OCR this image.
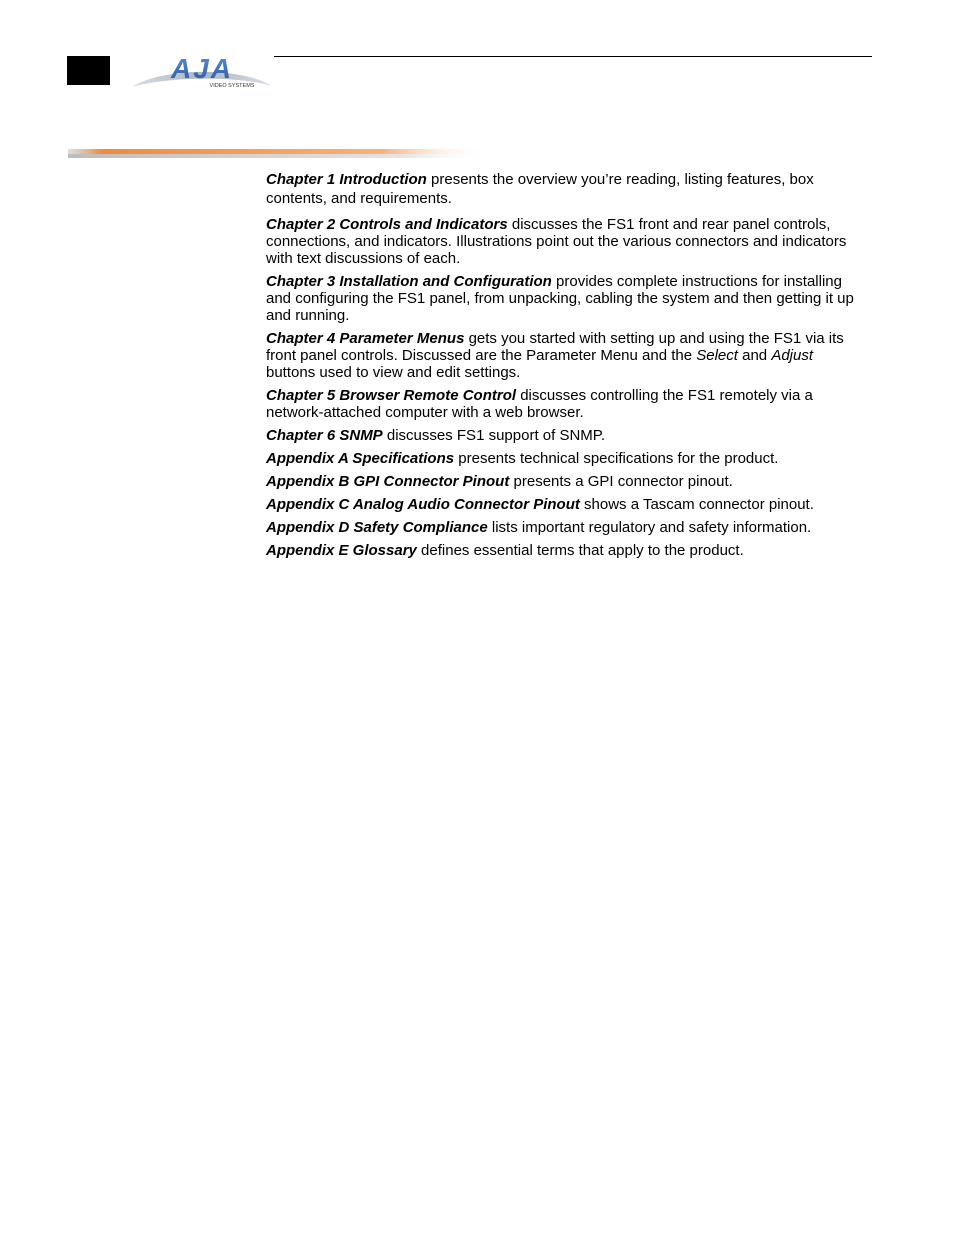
AJA
VIDEO SYSTEMS

Chapter 1 Introduction presents the overview you’re reading, listing features, box contents, and requirements.

Chapter 2 Controls and Indicators discusses the FS1 front and rear panel controls, connections, and indicators. Illustrations point out the various connectors and indicators with text discussions of each.

Chapter 3 Installation and Configuration provides complete instructions for installing and configuring the FS1 panel, from unpacking, cabling the system and then getting it up and running.

Chapter 4 Parameter Menus gets you started with setting up and using the FS1 via its front panel controls. Discussed are the Parameter Menu and the Select and Adjust buttons used to view and edit settings.

Chapter 5 Browser Remote Control discusses controlling the FS1 remotely via a network-attached computer with a web browser.

Chapter 6 SNMP discusses FS1 support of SNMP.

Appendix A Specifications presents technical specifications for the product.

Appendix B GPI Connector Pinout presents a GPI connector pinout.

Appendix C Analog Audio Connector Pinout shows a Tascam connector pinout.

Appendix D Safety Compliance lists important regulatory and safety information.

Appendix E Glossary defines essential terms that apply to the product.
